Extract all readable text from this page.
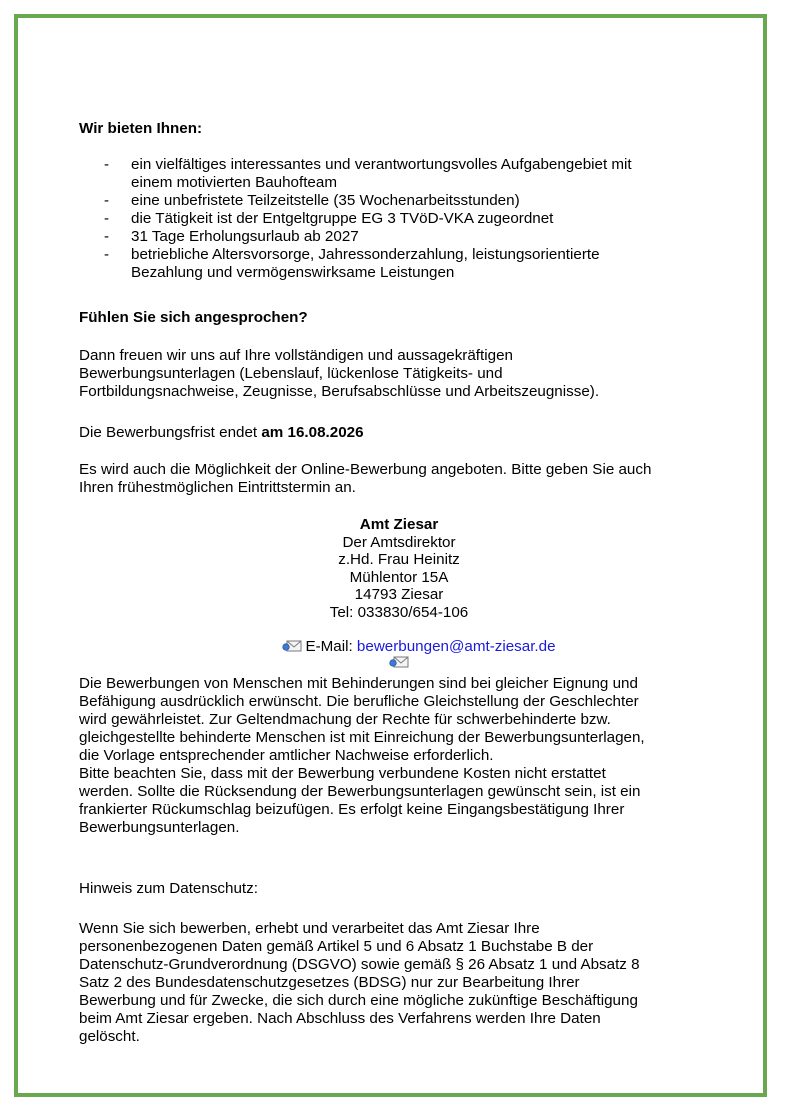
Wir bieten Ihnen:
- ein vielfältiges interessantes und verantwortungsvolles Aufgabengebiet mit
einem motivierten Bauhofteam
- eine unbefristete Teilzeitstelle (35 Wochenarbeitsstunden)
- die Tätigkeit ist der Entgeltgruppe EG 3 TVöD-VKA zugeordnet
- 31 Tage Erholungsurlaub ab 2027
- betriebliche Altersvorsorge, Jahressonderzahlung, leistungsorientierte
Bezahlung und vermögenswirksame Leistungen
Fühlen Sie sich angesprochen?

Dann freuen wir uns auf Ihre vollständigen und aussagekräftigen
Bewerbungsunterlagen (Lebenslauf, lückenlose Tätigkeits- und
Fortbildungsnachweise, Zeugnisse, Berufsabschlüsse und Arbeitszeugnisse).

Die Bewerbungsfrist endet am 16.08.2026

Es wird auch die Möglichkeit der Online-Bewerbung angeboten. Bitte geben Sie auch
Ihren frühestmöglichen Eintrittstermin an.

Amt Ziesar
Der Amtsdirektor
z.Hd. Frau Heinitz
Mühlentor 15A
14793 Ziesar
Tel: 033830/654-106
E-Mail: bewerbungen@amt-ziesar.de

Die Bewerbungen von Menschen mit Behinderungen sind bei gleicher Eignung und
Befähigung ausdrücklich erwünscht. Die berufliche Gleichstellung der Geschlechter
wird gewährleistet. Zur Geltendmachung der Rechte für schwerbehinderte bzw.
gleichgestellte behinderte Menschen ist mit Einreichung der Bewerbungsunterlagen,
die Vorlage entsprechender amtlicher Nachweise erforderlich.
Bitte beachten Sie, dass mit der Bewerbung verbundene Kosten nicht erstattet
werden. Sollte die Rücksendung der Bewerbungsunterlagen gewünscht sein, ist ein
frankierter Rückumschlag beizufügen. Es erfolgt keine Eingangsbestätigung Ihrer
Bewerbungsunterlagen.

Hinweis zum Datenschutz:

Wenn Sie sich bewerben, erhebt und verarbeitet das Amt Ziesar Ihre
personenbezogenen Daten gemäß Artikel 5 und 6 Absatz 1 Buchstabe B der
Datenschutz-Grundverordnung (DSGVO) sowie gemäß § 26 Absatz 1 und Absatz 8
Satz 2 des Bundesdatenschutzgesetzes (BDSG) nur zur Bearbeitung Ihrer
Bewerbung und für Zwecke, die sich durch eine mögliche zukünftige Beschäftigung
beim Amt Ziesar ergeben. Nach Abschluss des Verfahrens werden Ihre Daten
gelöscht.
